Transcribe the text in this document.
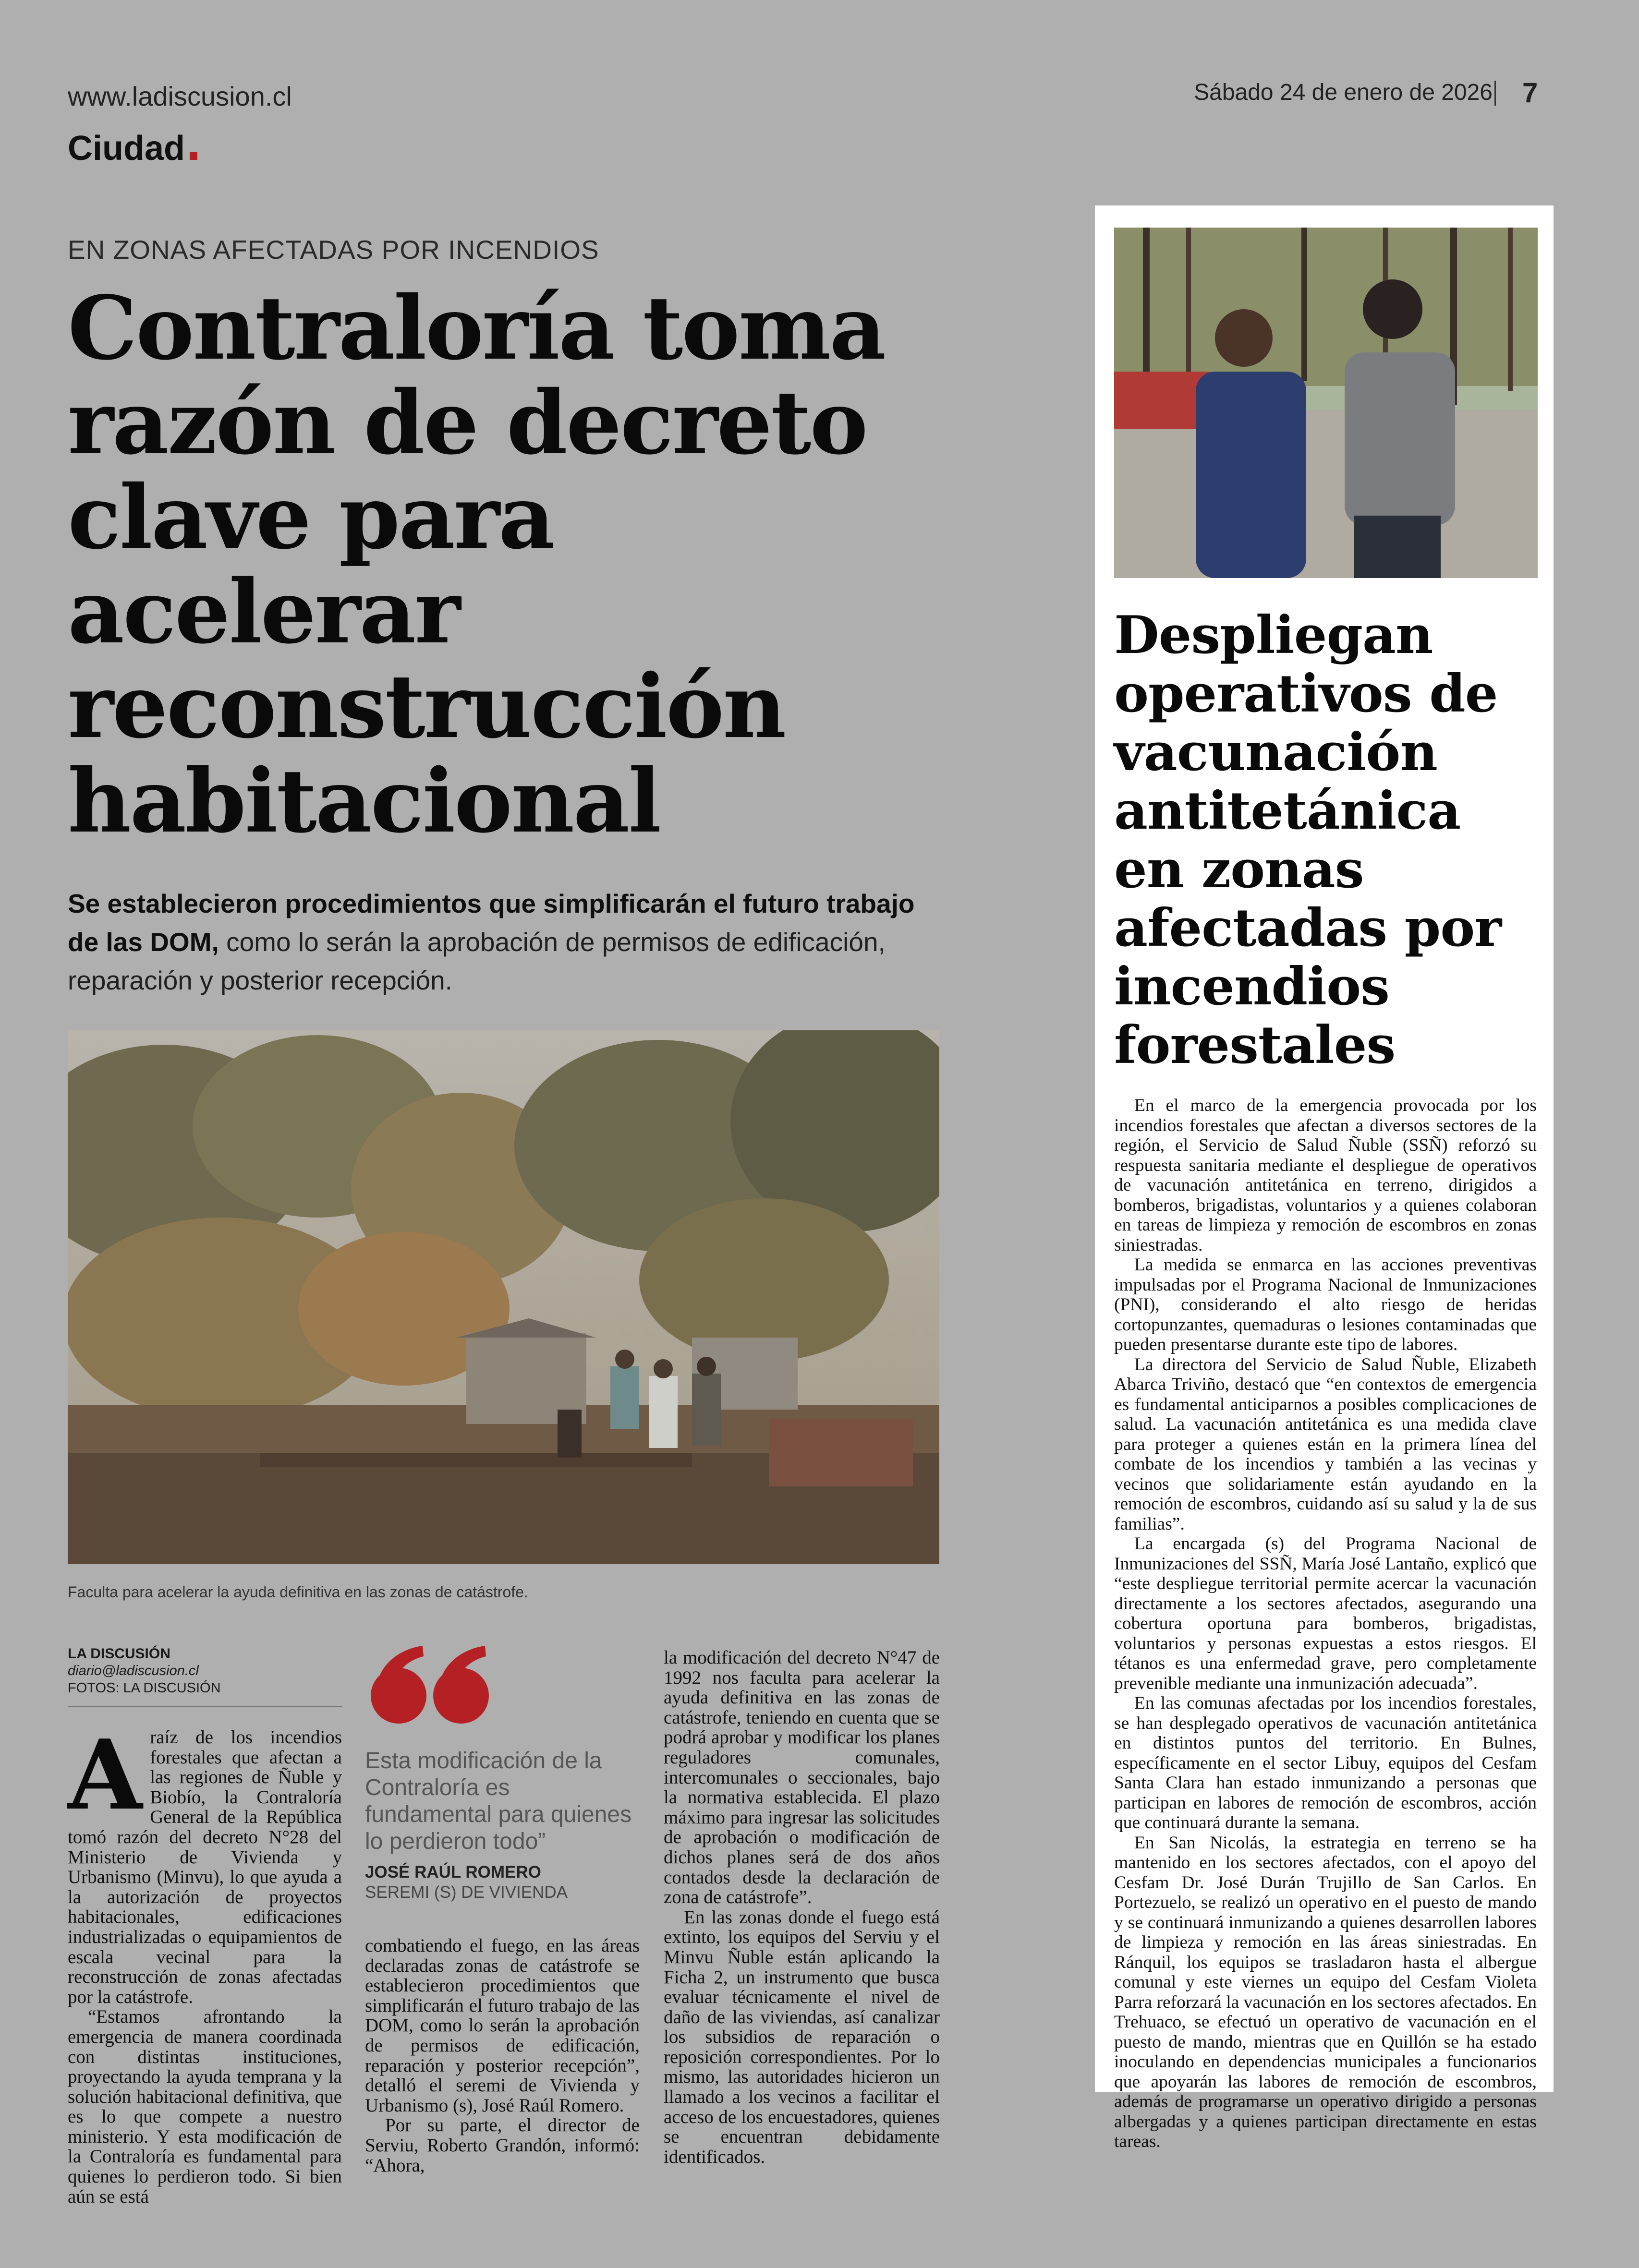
www.ladiscusion.cl	Sábado 24 de enero de 2026 7
Ciudad
EN ZONAS AFECTADAS POR INCENDIOS
Contraloría toma razón de decreto clave para acelerar reconstrucción habitacional
Se establecieron procedimientos que simplificarán el futuro trabajo de las DOM, como lo serán la aprobación de permisos de edificación, reparación y posterior recepción.
Faculta para acelerar la ayuda definitiva en las zonas de catástrofe.
LA DISCUSIÓN
diario@ladiscusion.cl
FOTOS: LA DISCUSIÓN
A raíz de los incendios forestales que afectan a las regiones de Ñuble y Biobío, la Contraloría General de la República tomó razón del decreto N°28 del Ministerio de Vivienda y Urbanismo (Minvu), lo que ayuda a la autorización de proyectos habitacionales, edificaciones industrializadas o equipamientos de escala vecinal para la reconstrucción de zonas afectadas por la catástrofe.

“Estamos afrontando la emergencia de manera coordinada con distintas instituciones, proyectando la ayuda temprana y la solución habitacional definitiva, que es lo que compete a nuestro ministerio. Y esta modificación de la Contraloría es fundamental para quienes lo perdieron todo. Si bien aún se está

Esta modificación de la Contraloría es fundamental para quienes lo perdieron todo”
JOSÉ RAÚL ROMERO
SEREMI (S) DE VIVIENDA

combatiendo el fuego, en las áreas declaradas zonas de catástrofe se establecieron procedimientos que simplificarán el futuro trabajo de las DOM, como lo serán la aprobación de permisos de edificación, reparación y posterior recepción”, detalló el seremi de Vivienda y Urbanismo (s), José Raúl Romero.

Por su parte, el director de Serviu, Roberto Grandón, informó: “Ahora,

la modificación del decreto N°47 de 1992 nos faculta para acelerar la ayuda definitiva en las zonas de catástrofe, teniendo en cuenta que se podrá aprobar y modificar los planes reguladores comunales, intercomunales o seccionales, bajo la normativa establecida. El plazo máximo para ingresar las solicitudes de aprobación o modificación de dichos planes será de dos años contados desde la declaración de zona de catástrofe”.

En las zonas donde el fuego está extinto, los equipos del Serviu y el Minvu Ñuble están aplicando la Ficha 2, un instrumento que busca evaluar técnicamente el nivel de daño de las viviendas, así canalizar los subsidios de reparación o reposición correspondientes. Por lo mismo, las autoridades hicieron un llamado a los vecinos a facilitar el acceso de los encuestadores, quienes se encuentran debidamente identificados.

Despliegan operativos de vacunación antitetánica en zonas afectadas por incendios forestales

En el marco de la emergencia provocada por los incendios forestales que afectan a diversos sectores de la región, el Servicio de Salud Ñuble (SSÑ) reforzó su respuesta sanitaria mediante el despliegue de operativos de vacunación antitetánica en terreno, dirigidos a bomberos, brigadistas, voluntarios y a quienes colaboran en tareas de limpieza y remoción de escombros en zonas siniestradas.

La medida se enmarca en las acciones preventivas impulsadas por el Programa Nacional de Inmunizaciones (PNI), considerando el alto riesgo de heridas cortopunzantes, quemaduras o lesiones contaminadas que pueden presentarse durante este tipo de labores.

La directora del Servicio de Salud Ñuble, Elizabeth Abarca Triviño, destacó que “en contextos de emergencia es fundamental anticiparnos a posibles complicaciones de salud. La vacunación antitetánica es una medida clave para proteger a quienes están en la primera línea del combate de los incendios y también a las vecinas y vecinos que solidariamente están ayudando en la remoción de escombros, cuidando así su salud y la de sus familias”.

La encargada (s) del Programa Nacional de Inmunizaciones del SSÑ, María José Lantaño, explicó que “este despliegue territorial permite acercar la vacunación directamente a los sectores afectados, asegurando una cobertura oportuna para bomberos, brigadistas, voluntarios y personas expuestas a estos riesgos. El tétanos es una enfermedad grave, pero completamente prevenible mediante una inmunización adecuada”.

En las comunas afectadas por los incendios forestales, se han desplegado operativos de vacunación antitetánica en distintos puntos del territorio. En Bulnes, específicamente en el sector Libuy, equipos del Cesfam Santa Clara han estado inmunizando a personas que participan en labores de remoción de escombros, acción que continuará durante la semana.

En San Nicolás, la estrategia en terreno se ha mantenido en los sectores afectados, con el apoyo del Cesfam Dr. José Durán Trujillo de San Carlos. En Portezuelo, se realizó un operativo en el puesto de mando y se continuará inmunizando a quienes desarrollen labores de limpieza y remoción en las áreas siniestradas. En Ránquil, los equipos se trasladaron hasta el albergue comunal y este viernes un equipo del Cesfam Violeta Parra reforzará la vacunación en los sectores afectados. En Trehuaco, se efectuó un operativo de vacunación en el puesto de mando, mientras que en Quillón se ha estado inoculando en dependencias municipales a funcionarios que apoyarán las labores de remoción de escombros, además de programarse un operativo dirigido a personas albergadas y a quienes participan directamente en estas tareas.
